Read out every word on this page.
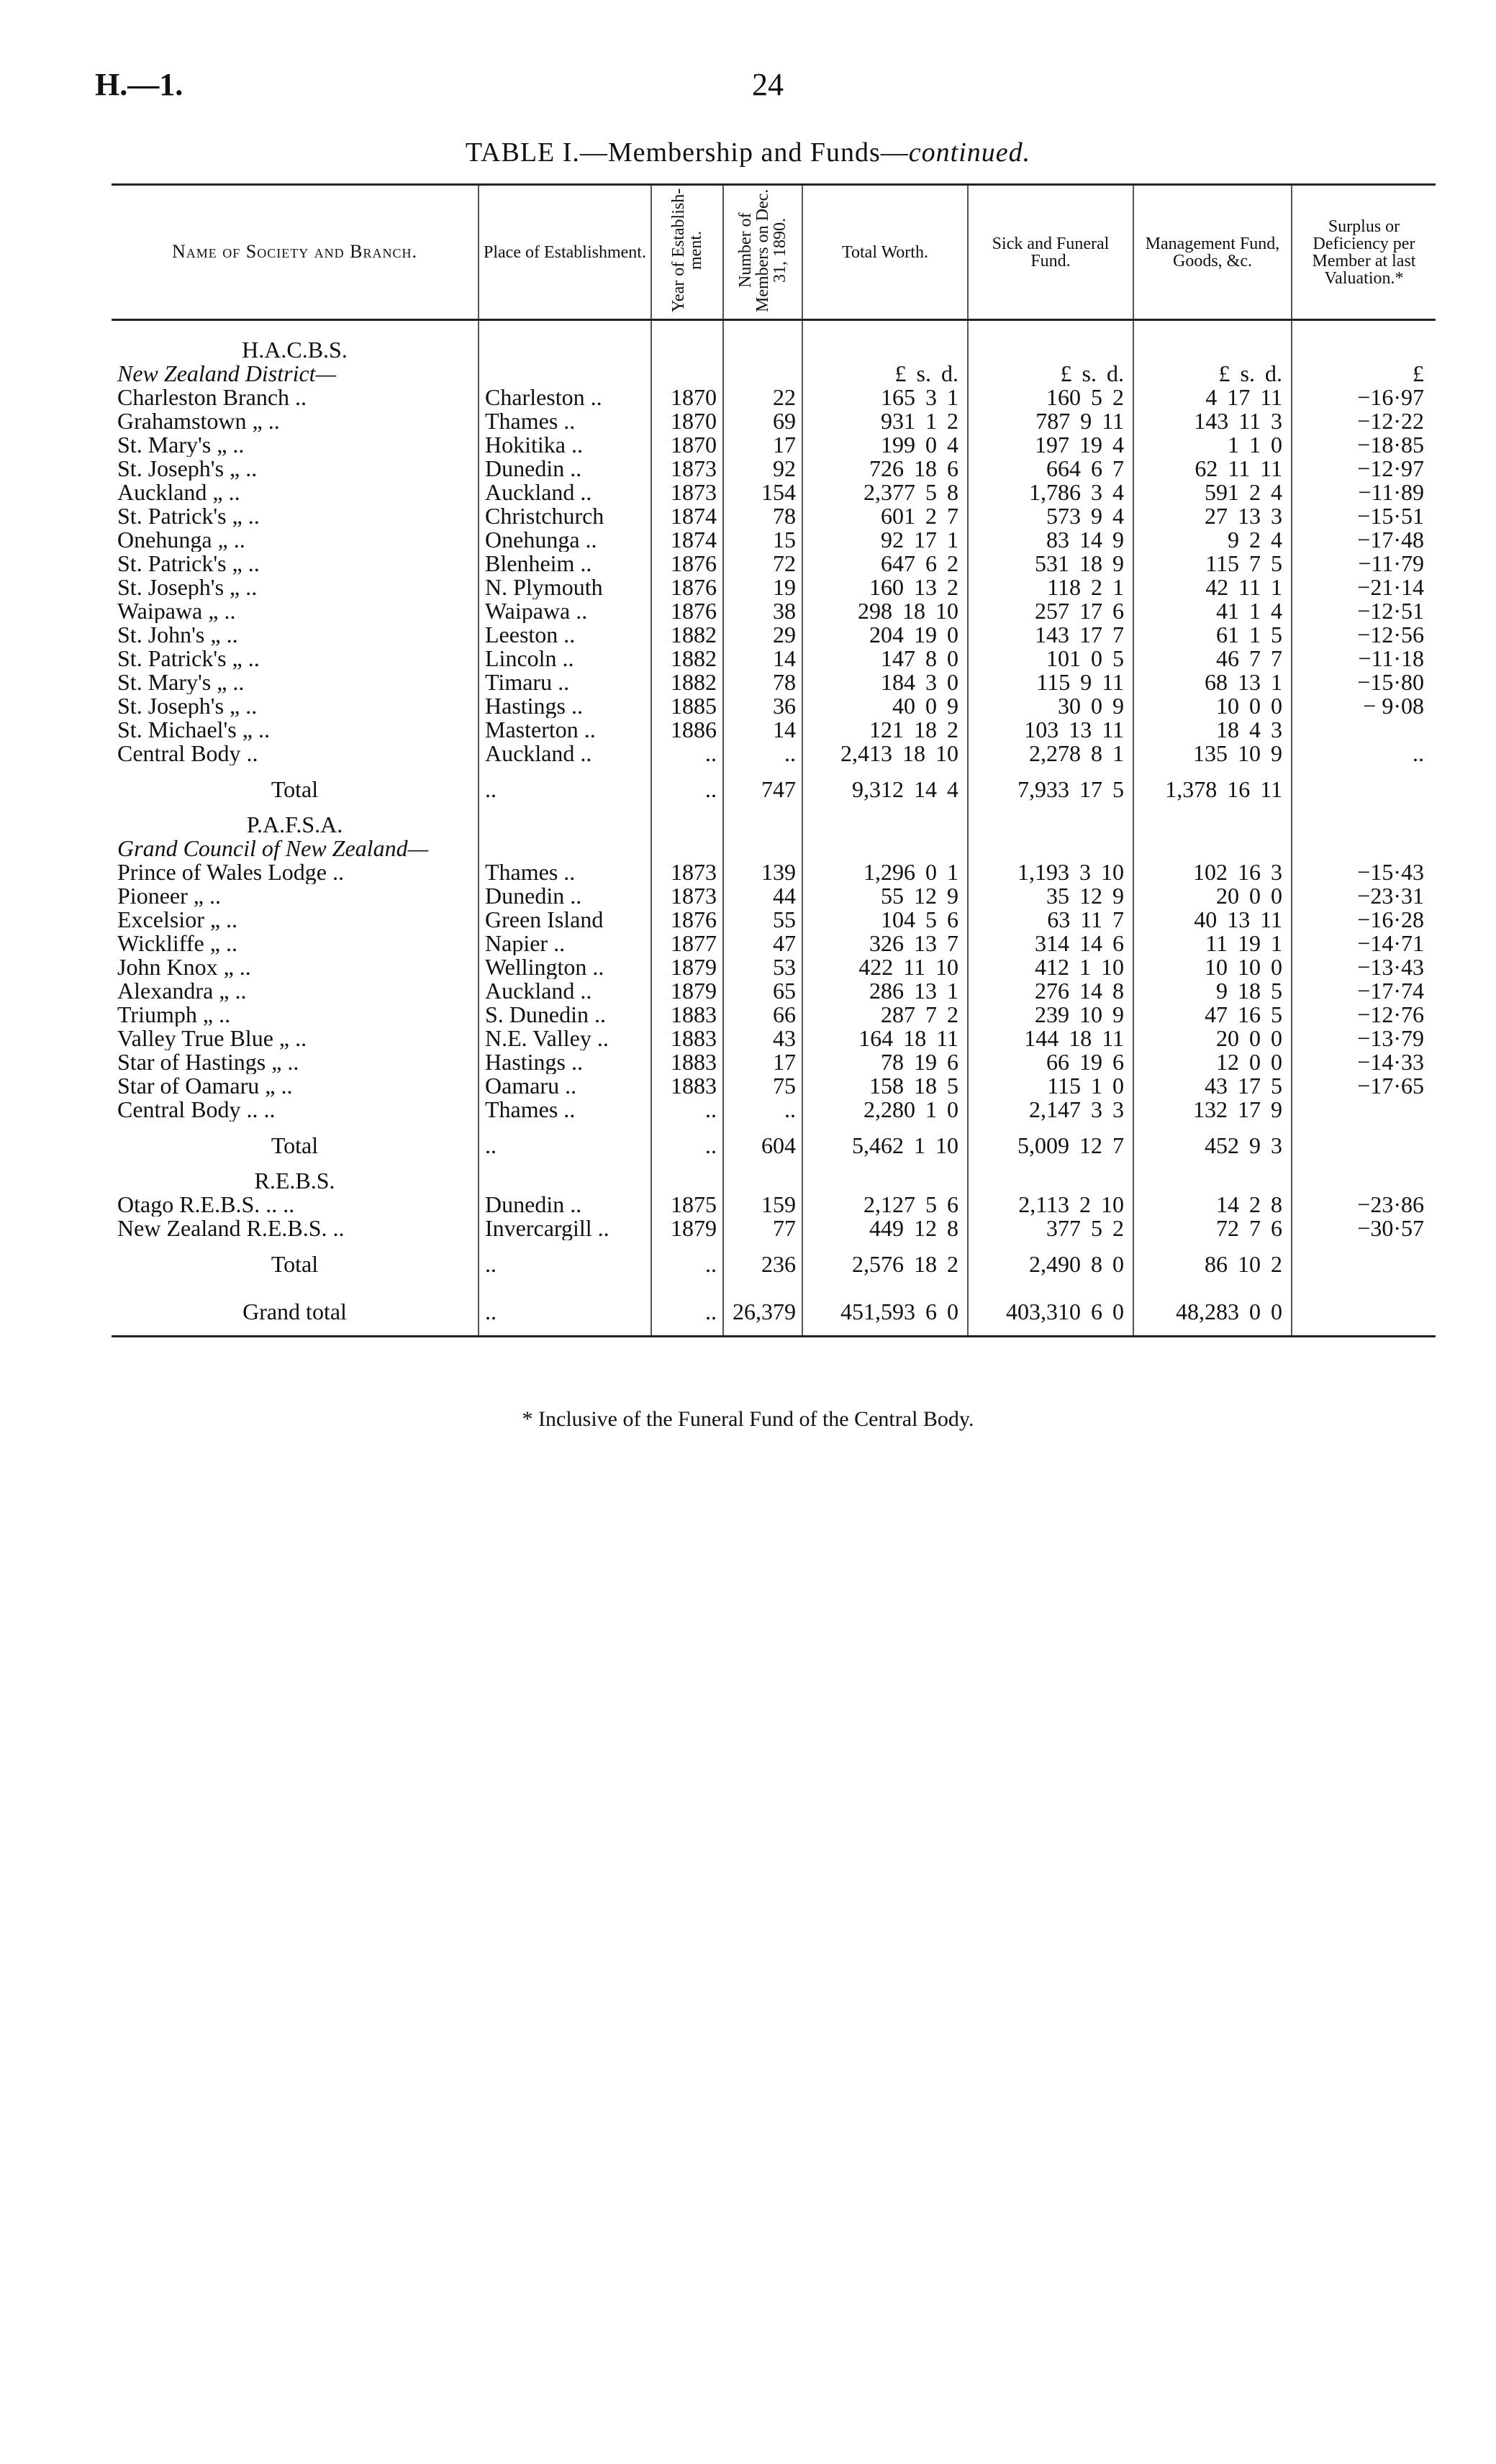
H.—1.	24
TABLE I.—Membership and Funds—continued.
Name of Society and Branch.	Place of Establishment.	Year of Establish- ment.	Number of Members on Dec. 31, 1890.	Total Worth.	Sick and Funeral Fund.	Management Fund, Goods, &c.	Surplus or Deficiency per Member at last Valuation.*
H.A.C.B.S.							
New Zealand District—				£ s. d.	£ s. d.	£ s. d.	£
Charleston Branch ..	Charleston ..	1870	22	165 3 1	160 5 2	4 17 11	−16·97
Grahamstown „ ..	Thames ..	1870	69	931 1 2	787 9 11	143 11 3	−12·22
St. Mary's „ ..	Hokitika ..	1870	17	199 0 4	197 19 4	1 1 0	−18·85
St. Joseph's „ ..	Dunedin ..	1873	92	726 18 6	664 6 7	62 11 11	−12·97
Auckland „ ..	Auckland ..	1873	154	2,377 5 8	1,786 3 4	591 2 4	−11·89
St. Patrick's „ ..	Christchurch	1874	78	601 2 7	573 9 4	27 13 3	−15·51
Onehunga „ ..	Onehunga ..	1874	15	92 17 1	83 14 9	9 2 4	−17·48
St. Patrick's „ ..	Blenheim ..	1876	72	647 6 2	531 18 9	115 7 5	−11·79
St. Joseph's „ ..	N. Plymouth	1876	19	160 13 2	118 2 1	42 11 1	−21·14
Waipawa „ ..	Waipawa ..	1876	38	298 18 10	257 17 6	41 1 4	−12·51
St. John's „ ..	Leeston ..	1882	29	204 19 0	143 17 7	61 1 5	−12·56
St. Patrick's „ ..	Lincoln ..	1882	14	147 8 0	101 0 5	46 7 7	−11·18
St. Mary's „ ..	Timaru ..	1882	78	184 3 0	115 9 11	68 13 1	−15·80
St. Joseph's „ ..	Hastings ..	1885	36	40 0 9	30 0 9	10 0 0	− 9·08
St. Michael's „ ..	Masterton ..	1886	14	121 18 2	103 13 11	18 4 3	
Central Body ..	Auckland ..	..	..	2,413 18 10	2,278 8 1	135 10 9	..
Total	..	..	747	9,312 14 4	7,933 17 5	1,378 16 11	
P.A.F.S.A.							
Grand Council of New Zealand—							
Prince of Wales Lodge ..	Thames ..	1873	139	1,296 0 1	1,193 3 10	102 16 3	−15·43
Pioneer „ ..	Dunedin ..	1873	44	55 12 9	35 12 9	20 0 0	−23·31
Excelsior „ ..	Green Island	1876	55	104 5 6	63 11 7	40 13 11	−16·28
Wickliffe „ ..	Napier ..	1877	47	326 13 7	314 14 6	11 19 1	−14·71
John Knox „ ..	Wellington ..	1879	53	422 11 10	412 1 10	10 10 0	−13·43
Alexandra „ ..	Auckland ..	1879	65	286 13 1	276 14 8	9 18 5	−17·74
Triumph „ ..	S. Dunedin ..	1883	66	287 7 2	239 10 9	47 16 5	−12·76
Valley True Blue „ ..	N.E. Valley ..	1883	43	164 18 11	144 18 11	20 0 0	−13·79
Star of Hastings „ ..	Hastings ..	1883	17	78 19 6	66 19 6	12 0 0	−14·33
Star of Oamaru „ ..	Oamaru ..	1883	75	158 18 5	115 1 0	43 17 5	−17·65
Central Body .. ..	Thames ..	..	..	2,280 1 0	2,147 3 3	132 17 9	
Total	..	..	604	5,462 1 10	5,009 12 7	452 9 3	
R.E.B.S.							
Otago R.E.B.S. .. ..	Dunedin ..	1875	159	2,127 5 6	2,113 2 10	14 2 8	−23·86
New Zealand R.E.B.S. ..	Invercargill ..	1879	77	449 12 8	377 5 2	72 7 6	−30·57
Total	..	..	236	2,576 18 2	2,490 8 0	86 10 2	
Grand total	..	..	26,379	451,593 6 0	403,310 6 0	48,283 0 0	
* Inclusive of the Funeral Fund of the Central Body.
